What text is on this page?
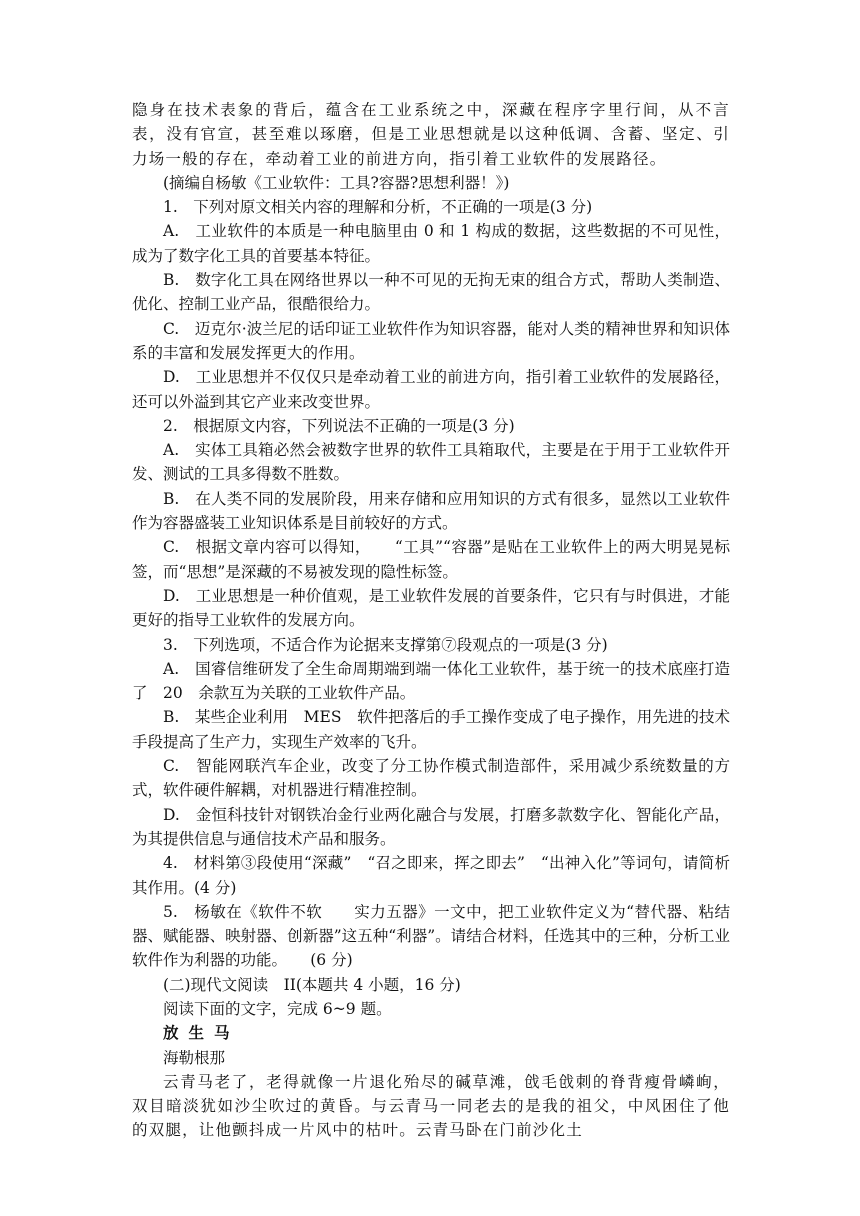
隐身在技术表象的背后，蕴含在工业系统之中，深藏在程序字里行间，从不言表，没有官宣，甚至难以琢磨，但是工业思想就是以这种低调、含蓄、坚定、引力场一般的存在，牵动着工业的前进方向，指引着工业软件的发展路径。

(摘编自杨敏《工业软件：工具?容器?思想利器！》)

1.　下列对原文相关内容的理解和分析，不正确的一项是(3 分)

A.　工业软件的本质是一种电脑里由 0 和 1 构成的数据，这些数据的不可见性，成为了数字化工具的首要基本特征。

B.　数字化工具在网络世界以一种不可见的无拘无束的组合方式，帮助人类制造、优化、控制工业产品，很酷很给力。

C.　迈克尔·波兰尼的话印证工业软件作为知识容器，能对人类的精神世界和知识体系的丰富和发展发挥更大的作用。

D.　工业思想并不仅仅只是牵动着工业的前进方向，指引着工业软件的发展路径，还可以外溢到其它产业来改变世界。

2.　根据原文内容，下列说法不正确的一项是(3 分)

A.　实体工具箱必然会被数字世界的软件工具箱取代，主要是在于用于工业软件开发、测试的工具多得数不胜数。

B.　在人类不同的发展阶段，用来存储和应用知识的方式有很多，显然以工业软件作为容器盛装工业知识体系是目前较好的方式。

C.　根据文章内容可以得知，　　“工具”“容器”是贴在工业软件上的两大明晃晃标签，而“思想”是深藏的不易被发现的隐性标签。

D.　工业思想是一种价值观，是工业软件发展的首要条件，它只有与时俱进，才能更好的指导工业软件的发展方向。

3.　下列选项，不适合作为论据来支撑第⑦段观点的一项是(3 分)

A.　国睿信维研发了全生命周期端到端一体化工业软件，基于统一的技术底座打造了　20　余款互为关联的工业软件产品。

B.　某些企业利用　MES　软件把落后的手工操作变成了电子操作，用先进的技术手段提高了生产力，实现生产效率的飞升。

C.　智能网联汽车企业，改变了分工协作模式制造部件，采用减少系统数量的方式，软件硬件解耦，对机器进行精准控制。

D.　金恒科技针对钢铁冶金行业两化融合与发展，打磨多款数字化、智能化产品，为其提供信息与通信技术产品和服务。

4.　材料第③段使用“深藏”　“召之即来，挥之即去”　“出神入化”等词句，请简析其作用。(4 分)

5.　杨敏在《软件不软　　实力五器》一文中，把工业软件定义为“替代器、粘结器、赋能器、映射器、创新器”这五种“利器”。请结合材料，任选其中的三种，分析工业软件作为利器的功能。　　(6 分)

(二)现代文阅读　II(本题共 4 小题，16 分)

阅读下面的文字，完成 6~9 题。

放生马

海勒根那

云青马老了，老得就像一片退化殆尽的碱草滩，戗毛戗刺的脊背瘦骨嶙峋，双目暗淡犹如沙尘吹过的黄昏。与云青马一同老去的是我的祖父，中风困住了他的双腿，让他颤抖成一片风中的枯叶。云青马卧在门前沙化土
